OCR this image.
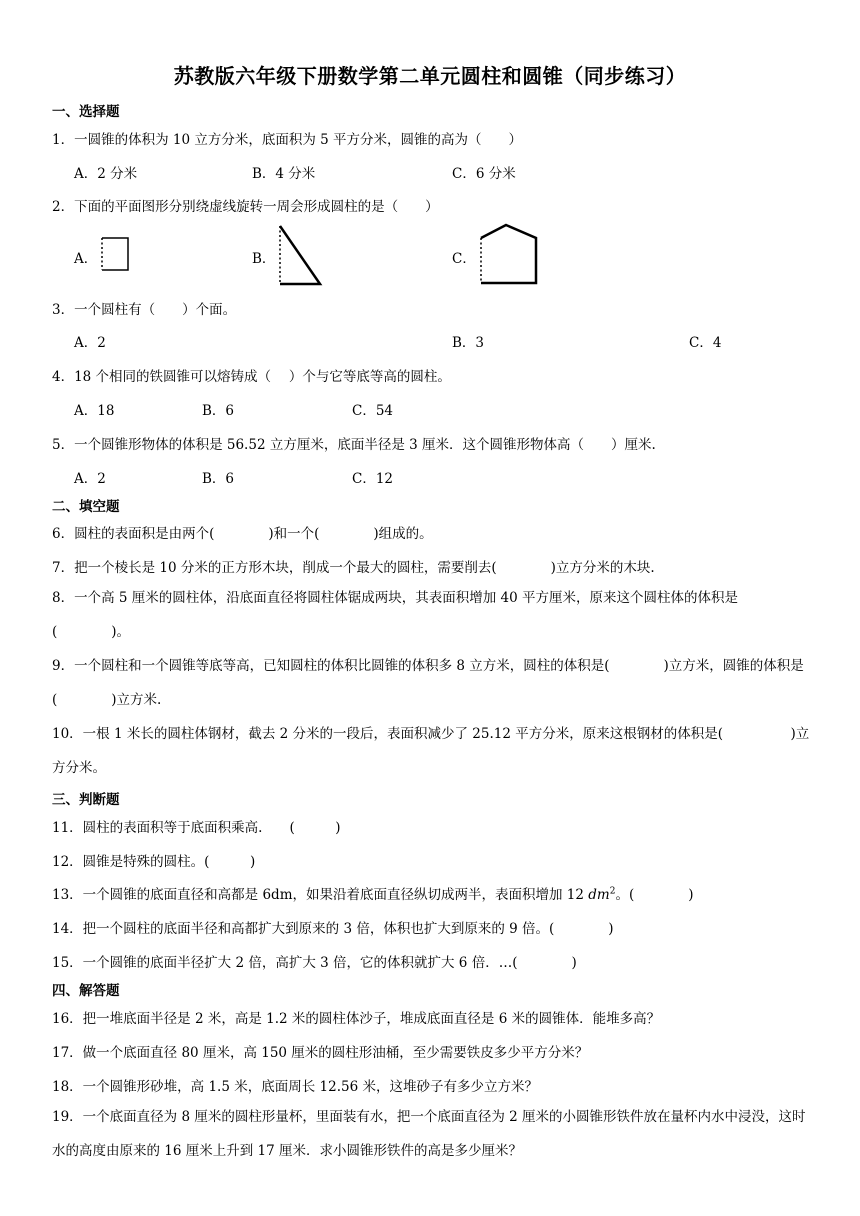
苏教版六年级下册数学第二单元圆柱和圆锥（同步练习）
一、选择题
1．一圆锥的体积为 10 立方分米，底面积为 5 平方分米，圆锥的高为（　　）
A．2 分米	B．4 分米	C．6 分米
2．下面的平面图形分别绕虚线旋转一周会形成圆柱的是（　　）
A．	B．	C．
3．一个圆柱有（　　）个面。
A．2	B．3	C．4
4．18 个相同的铁圆锥可以熔铸成（　 ）个与它等底等高的圆柱。
A．18	B．6	C．54
5．一个圆锥形物体的体积是 56.52 立方厘米，底面半径是 3 厘米．这个圆锥形物体高（　　）厘米.
A．2	B．6	C．12
二、填空题
6．圆柱的表面积是由两个(　　　　)和一个(　　　　)组成的。
7．把一个棱长是 10 分米的正方形木块，削成一个最大的圆柱，需要削去(　　　　)立方分米的木块.
8．一个高 5 厘米的圆柱体，沿底面直径将圆柱体锯成两块，其表面积增加 40 平方厘米，原来这个圆柱体的体积是(　　　　)。
9．一个圆柱和一个圆锥等底等高，已知圆柱的体积比圆锥的体积多 8 立方米，圆柱的体积是(　　　　)立方米，圆锥的体积是(　　　　)立方米.
10．一根 1 米长的圆柱体钢材，截去 2 分米的一段后，表面积减少了 25.12 平方分米，原来这根钢材的体积是(　　　　　)立方分米。
三、判断题
11．圆柱的表面积等于底面积乘高.　　(　　　)
12．圆锥是特殊的圆柱。(　　　)
13．一个圆锥的底面直径和高都是 6dm，如果沿着底面直径纵切成两半，表面积增加 12 $dm^2$。(　　　　)
14．把一个圆柱的底面半径和高都扩大到原来的 3 倍，体积也扩大到原来的 9 倍。(　　　　)
15．一个圆锥的底面半径扩大 2 倍，高扩大 3 倍，它的体积就扩大 6 倍．…(　　　　)
四、解答题
16．把一堆底面半径是 2 米，高是 1.2 米的圆柱体沙子，堆成底面直径是 6 米的圆锥体．能堆多高？
17．做一个底面直径 80 厘米，高 150 厘米的圆柱形油桶，至少需要铁皮多少平方分米？
18．一个圆锥形砂堆，高 1.5 米，底面周长 12.56 米，这堆砂子有多少立方米？
19．一个底面直径为 8 厘米的圆柱形量杯，里面装有水，把一个底面直径为 2 厘米的小圆锥形铁件放在量杯内水中浸没，这时水的高度由原来的 16 厘米上升到 17 厘米．求小圆锥形铁件的高是多少厘米？
